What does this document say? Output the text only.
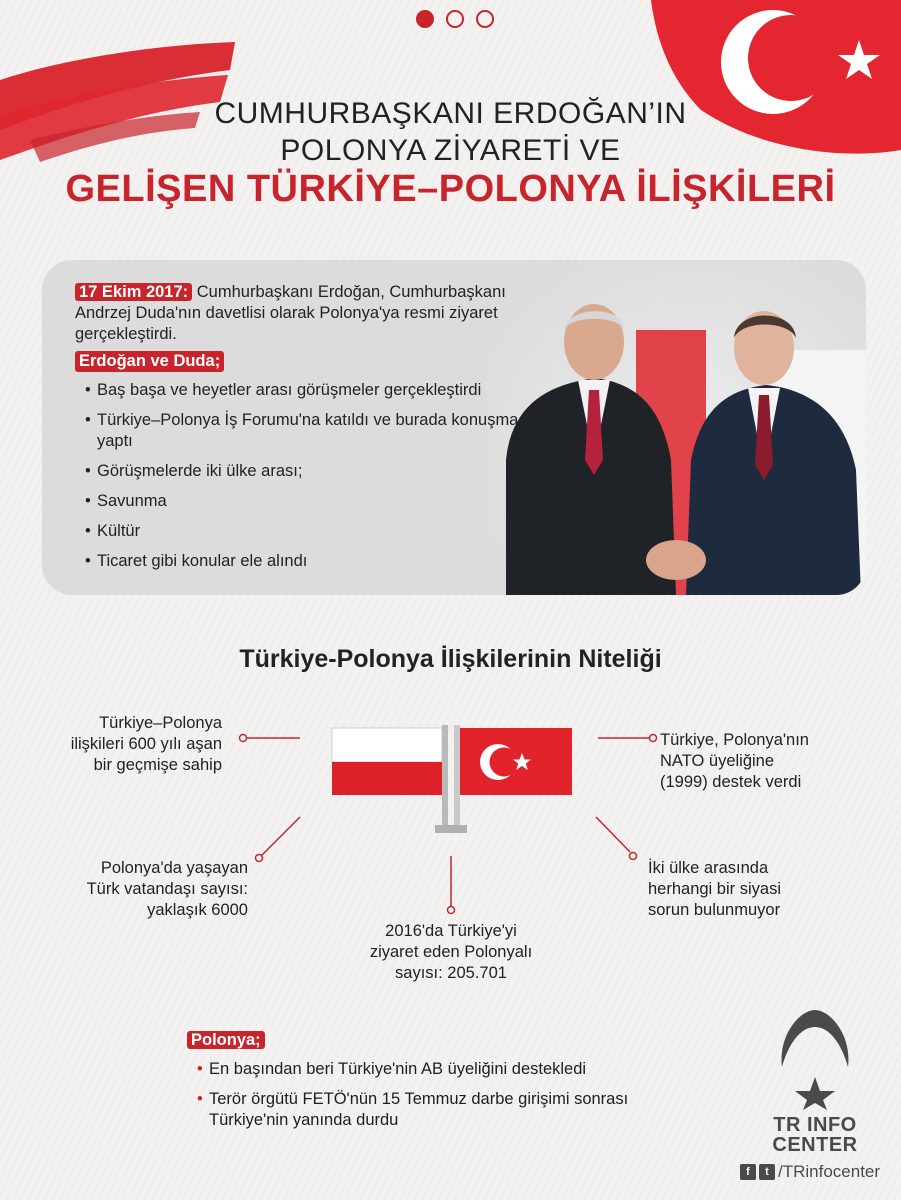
CUMHURBAŞKANI ERDOĞAN’IN
POLONYA ZİYARETİ VE
GELİŞEN TÜRKİYE–POLONYA İLİŞKİLERİ
17 Ekim 2017: Cumhurbaşkanı Erdoğan, Cumhurbaşkanı Andrzej Duda'nın davetlisi olarak Polonya'ya resmi ziyaret gerçekleştirdi.
Erdoğan ve Duda;
• Baş başa ve heyetler arası görüşmeler gerçekleştirdi
• Türkiye–Polonya İş Forumu'na katıldı ve burada konuşma yaptı
• Görüşmelerde iki ülke arası;
• Savunma
• Kültür
• Ticaret gibi konular ele alındı
Türkiye-Polonya İlişkilerinin Niteliği
Türkiye–Polonya
ilişkileri 600 yılı aşan
bir geçmişe sahip
Türkiye, Polonya'nın
NATO üyeliğine
(1999) destek verdi
Polonya'da yaşayan
Türk vatandaşı sayısı:
yaklaşık 6000
İki ülke arasında
herhangi bir siyasi
sorun bulunmuyor
2016'da Türkiye'yi
ziyaret eden Polonyalı
sayısı: 205.701
Polonya;
• En başından beri Türkiye'nin AB üyeliğini destekledi
• Terör örgütü FETÖ'nün 15 Temmuz darbe girişimi sonrası Türkiye'nin yanında durdu	TR INFO
CENTER
f	t /TRinfocenter
